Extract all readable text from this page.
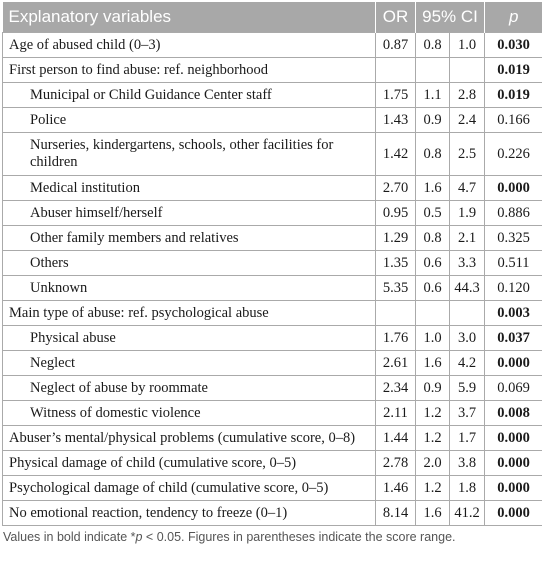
Explanatory variables	OR	95% CI		p
Age of abused child (0–3)	0.87	0.8	1.0	0.030
First person to find abuse: ref. neighborhood				0.019
Municipal or Child Guidance Center staff	1.75	1.1	2.8	0.019
Police	1.43	0.9	2.4	0.166
Nurseries, kindergartens, schools, other facilities for children	1.42	0.8	2.5	0.226
Medical institution	2.70	1.6	4.7	0.000
Abuser himself/herself	0.95	0.5	1.9	0.886
Other family members and relatives	1.29	0.8	2.1	0.325
Others	1.35	0.6	3.3	0.511
Unknown	5.35	0.6	44.3	0.120
Main type of abuse: ref. psychological abuse				0.003
Physical abuse	1.76	1.0	3.0	0.037
Neglect	2.61	1.6	4.2	0.000
Neglect of abuse by roommate	2.34	0.9	5.9	0.069
Witness of domestic violence	2.11	1.2	3.7	0.008
Abuser’s mental/physical problems (cumulative score, 0–8)	1.44	1.2	1.7	0.000
Physical damage of child (cumulative score, 0–5)	2.78	2.0	3.8	0.000
Psychological damage of child (cumulative score, 0–5)	1.46	1.2	1.8	0.000
No emotional reaction, tendency to freeze (0–1)	8.14	1.6	41.2	0.000
Values in bold indicate *p < 0.05. Figures in parentheses indicate the score range.
